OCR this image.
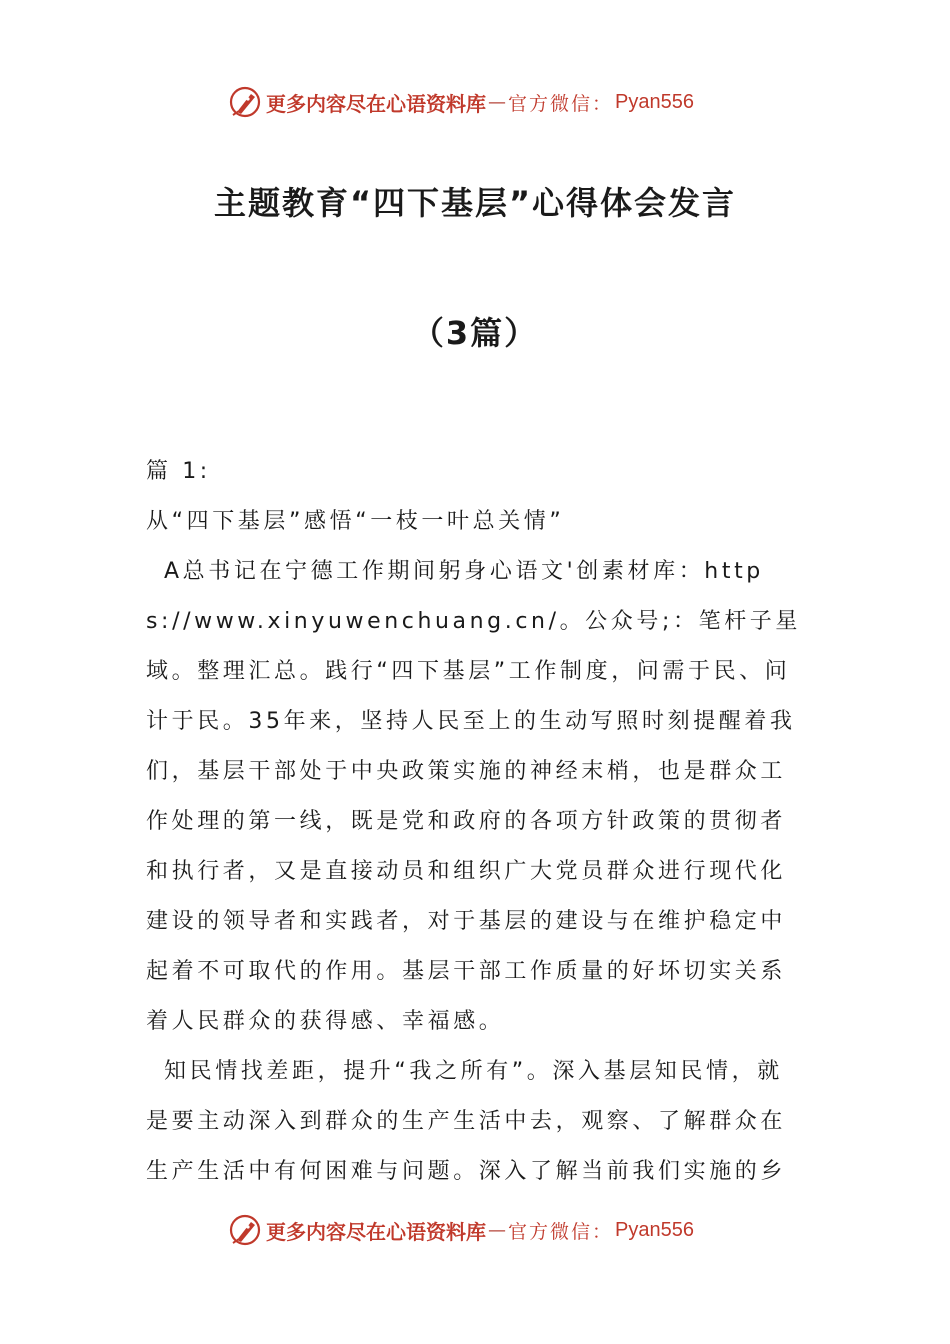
更多内容尽在心语资料库 — 官方微信： Pyan556
主题教育“四下基层”心得体会发言
（3篇）

篇 1:

从“四下基层”感悟“一枝一叶总关情”

A总书记在宁德工作期间躬身心语文'创素材库：https://www.xinyuwenchuang.cn/。公众号;：笔杆子星域。整理汇总。践行“四下基层”工作制度，问需于民、问计于民。35年来，坚持人民至上的生动写照时刻提醒着我们，基层干部处于中央政策实施的神经末梢，也是群众工作处理的第一线，既是党和政府的各项方针政策的贯彻者和执行者，又是直接动员和组织广大党员群众进行现代化建设的领导者和实践者，对于基层的建设与在维护稳定中起着不可取代的作用。基层干部工作质量的好坏切实关系着人民群众的获得感、幸福感。

知民情找差距，提升“我之所有”。深入基层知民情，就是要主动深入到群众的生产生活中去，观察、了解群众在生产生活中有何困难与问题。深入了解当前我们实施的乡

更多内容尽在心语资料库 — 官方微信： Pyan556
